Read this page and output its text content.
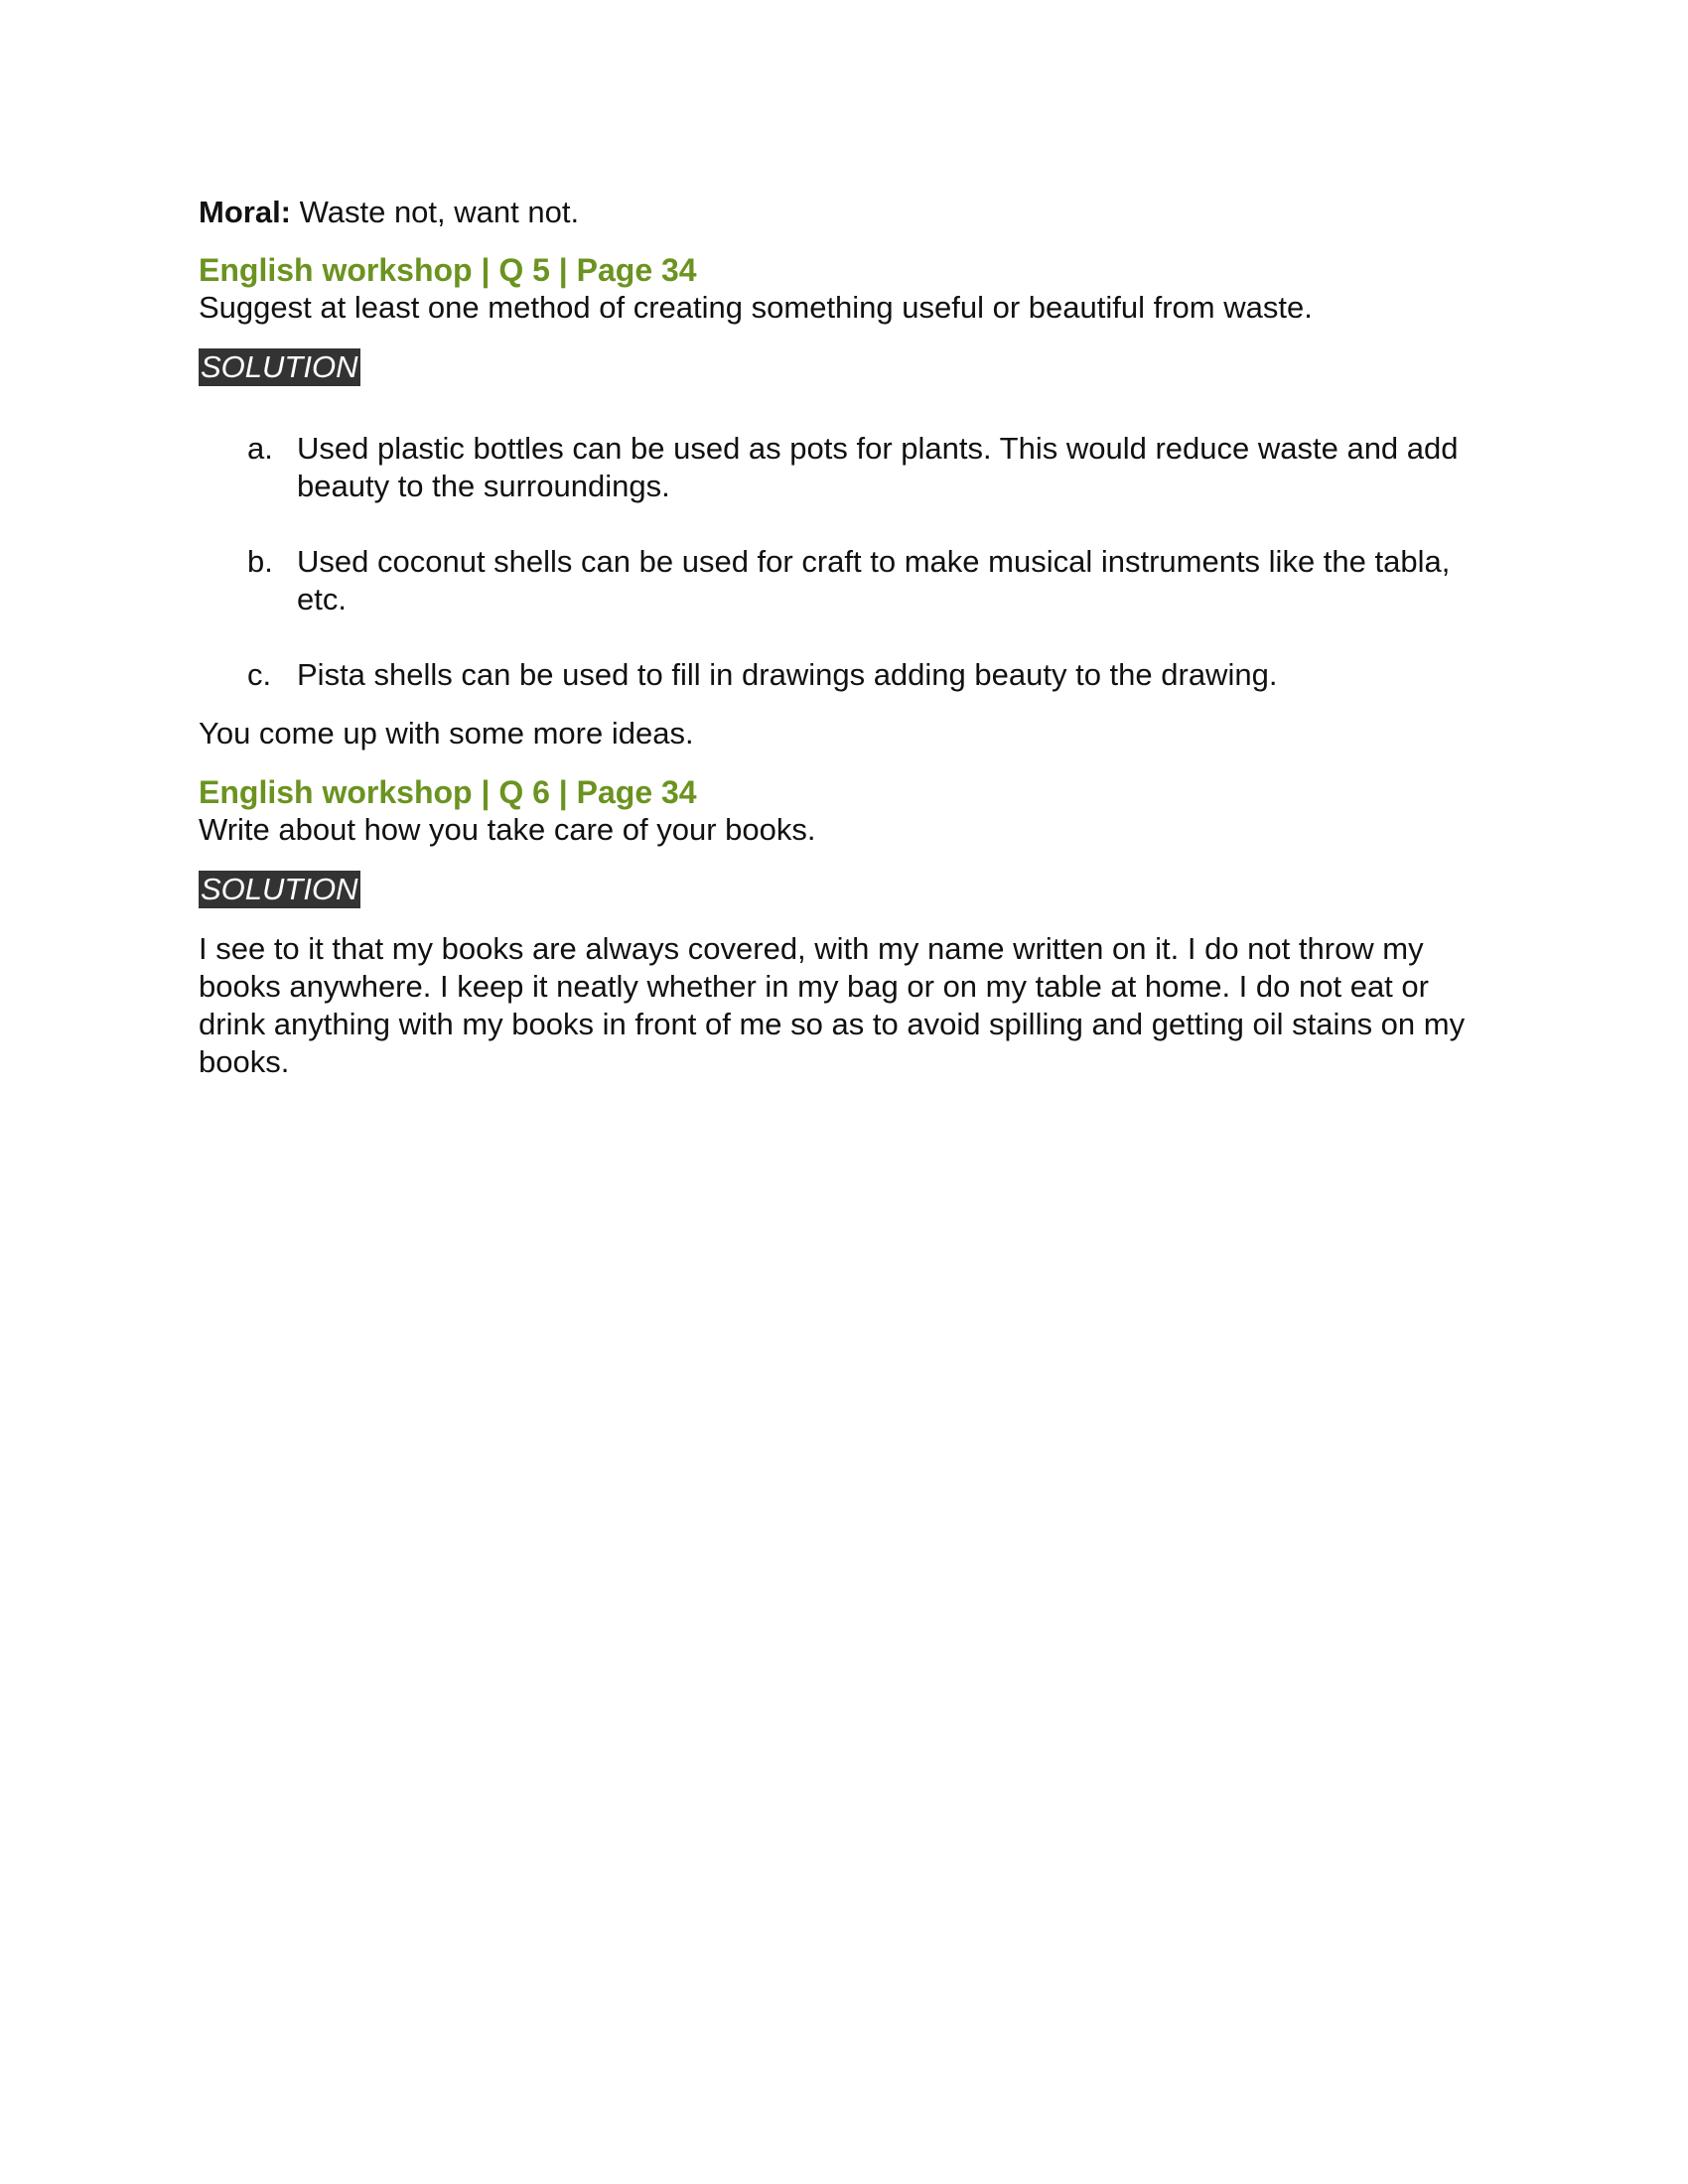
Moral: Waste not, want not.

English workshop | Q 5 | Page 34

Suggest at least one method of creating something useful or beautiful from waste.

SOLUTION
a. Used plastic bottles can be used as pots for plants. This would reduce waste and add beauty to the surroundings.
b. Used coconut shells can be used for craft to make musical instruments like the tabla, etc.
c. Pista shells can be used to fill in drawings adding beauty to the drawing.

You come up with some more ideas.

English workshop | Q 6 | Page 34

Write about how you take care of your books.

SOLUTION

I see to it that my books are always covered, with my name written on it. I do not throw my books anywhere. I keep it neatly whether in my bag or on my table at home. I do not eat or drink anything with my books in front of me so as to avoid spilling and getting oil stains on my books.
